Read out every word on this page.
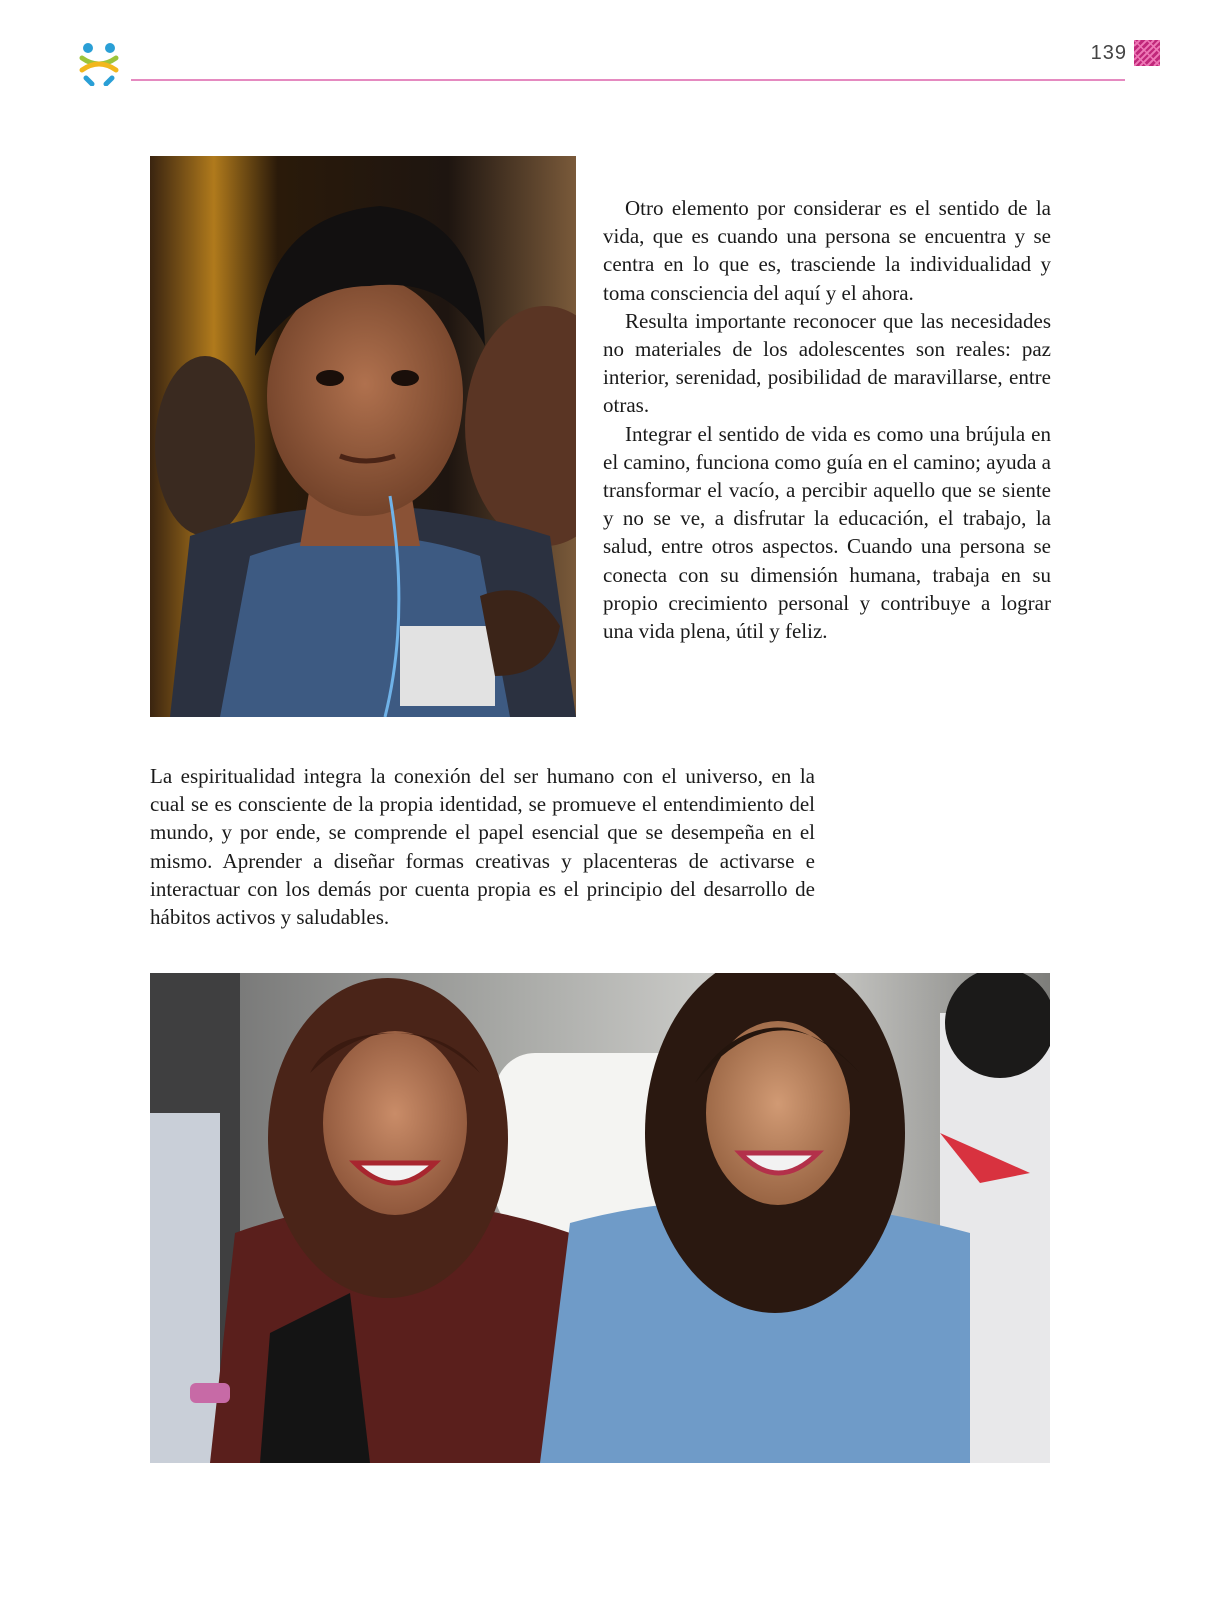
139

Otro elemento por considerar es el sentido de la vida, que es cuando una persona se encuentra y se centra en lo que es, trasciende la individualidad y toma consciencia del aquí y el ahora.

Resulta importante reconocer que las necesidades no materiales de los adolescentes son reales: paz interior, serenidad, posibilidad de maravillarse, entre otras.

Integrar el sentido de vida es como una brújula en el camino, funciona como guía en el camino; ayuda a transformar el vacío, a percibir aquello que se siente y no se ve, a disfrutar la educación, el trabajo, la salud, entre otros aspectos. Cuando una persona se conecta con su dimensión humana, trabaja en su propio crecimiento personal y contribuye a lograr una vida plena, útil y feliz.

La espiritualidad integra la conexión del ser humano con el universo, en la cual se es consciente de la propia identidad, se promueve el entendimiento del mundo, y por ende, se comprende el papel esencial que se desempeña en el mismo. Aprender a diseñar formas creativas y placenteras de activarse e interactuar con los demás por cuenta propia es el principio del desarrollo de hábitos activos y saludables.
